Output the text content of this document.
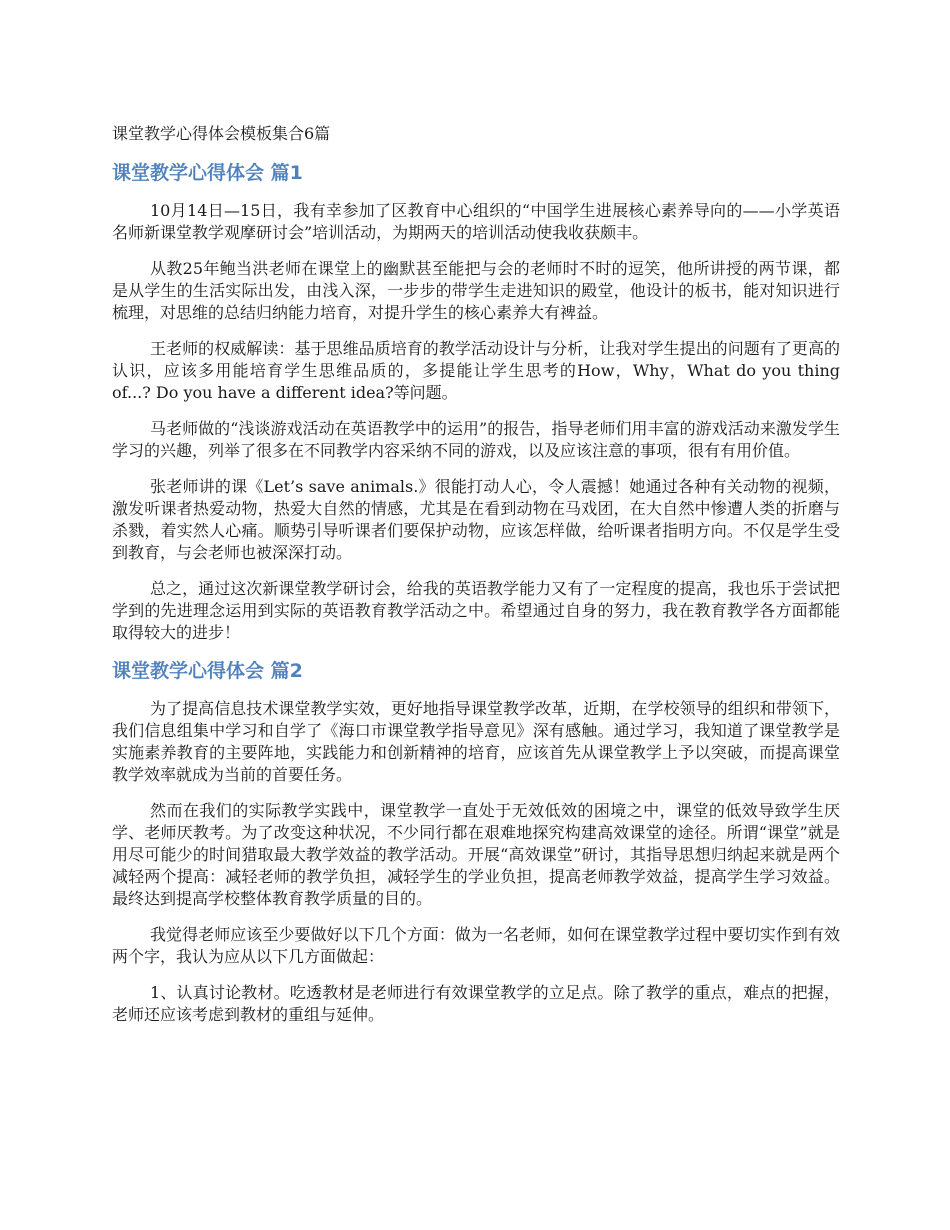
课堂教学心得体会模板集合6篇
课堂教学心得体会 篇1

10月14日—15日，我有幸参加了区教育中心组织的“中国学生进展核心素养导向的——小学英语名师新课堂教学观摩研讨会”培训活动，为期两天的培训活动使我收获颇丰。

从教25年鲍当洪老师在课堂上的幽默甚至能把与会的老师时不时的逗笑，他所讲授的两节课，都是从学生的生活实际出发，由浅入深，一步步的带学生走进知识的殿堂，他设计的板书，能对知识进行梳理，对思维的总结归纳能力培育，对提升学生的核心素养大有裨益。

王老师的权威解读：基于思维品质培育的教学活动设计与分析，让我对学生提出的问题有了更高的认识，应该多用能培育学生思维品质的，多提能让学生思考的How，Why，What do you thing of...? Do you have a different idea?等问题。

马老师做的“浅谈游戏活动在英语教学中的运用”的报告，指导老师们用丰富的游戏活动来激发学生学习的兴趣，列举了很多在不同教学内容采纳不同的游戏，以及应该注意的事项，很有有用价值。

张老师讲的课《Let’s save animals.》很能打动人心，令人震撼！她通过各种有关动物的视频，激发听课者热爱动物，热爱大自然的情感，尤其是在看到动物在马戏团，在大自然中惨遭人类的折磨与杀戮，着实然人心痛。顺势引导听课者们要保护动物，应该怎样做，给听课者指明方向。不仅是学生受到教育，与会老师也被深深打动。

总之，通过这次新课堂教学研讨会，给我的英语教学能力又有了一定程度的提高，我也乐于尝试把学到的先进理念运用到实际的英语教育教学活动之中。希望通过自身的努力，我在教育教学各方面都能取得较大的进步！

课堂教学心得体会 篇2

为了提高信息技术课堂教学实效，更好地指导课堂教学改革，近期，在学校领导的组织和带领下，我们信息组集中学习和自学了《海口市课堂教学指导意见》深有感触。通过学习，我知道了课堂教学是实施素养教育的主要阵地，实践能力和创新精神的培育，应该首先从课堂教学上予以突破，而提高课堂教学效率就成为当前的首要任务。

然而在我们的实际教学实践中，课堂教学一直处于无效低效的困境之中，课堂的低效导致学生厌学、老师厌教考。为了改变这种状况，不少同行都在艰难地探究构建高效课堂的途径。所谓“课堂”就是用尽可能少的时间猎取最大教学效益的教学活动。开展“高效课堂”研讨，其指导思想归纳起来就是两个减轻两个提高：减轻老师的教学负担，减轻学生的学业负担，提高老师教学效益，提高学生学习效益。最终达到提高学校整体教育教学质量的目的。

我觉得老师应该至少要做好以下几个方面：做为一名老师，如何在课堂教学过程中要切实作到有效两个字，我认为应从以下几方面做起：

1、认真讨论教材。吃透教材是老师进行有效课堂教学的立足点。除了教学的重点，难点的把握，老师还应该考虑到教材的重组与延伸。
